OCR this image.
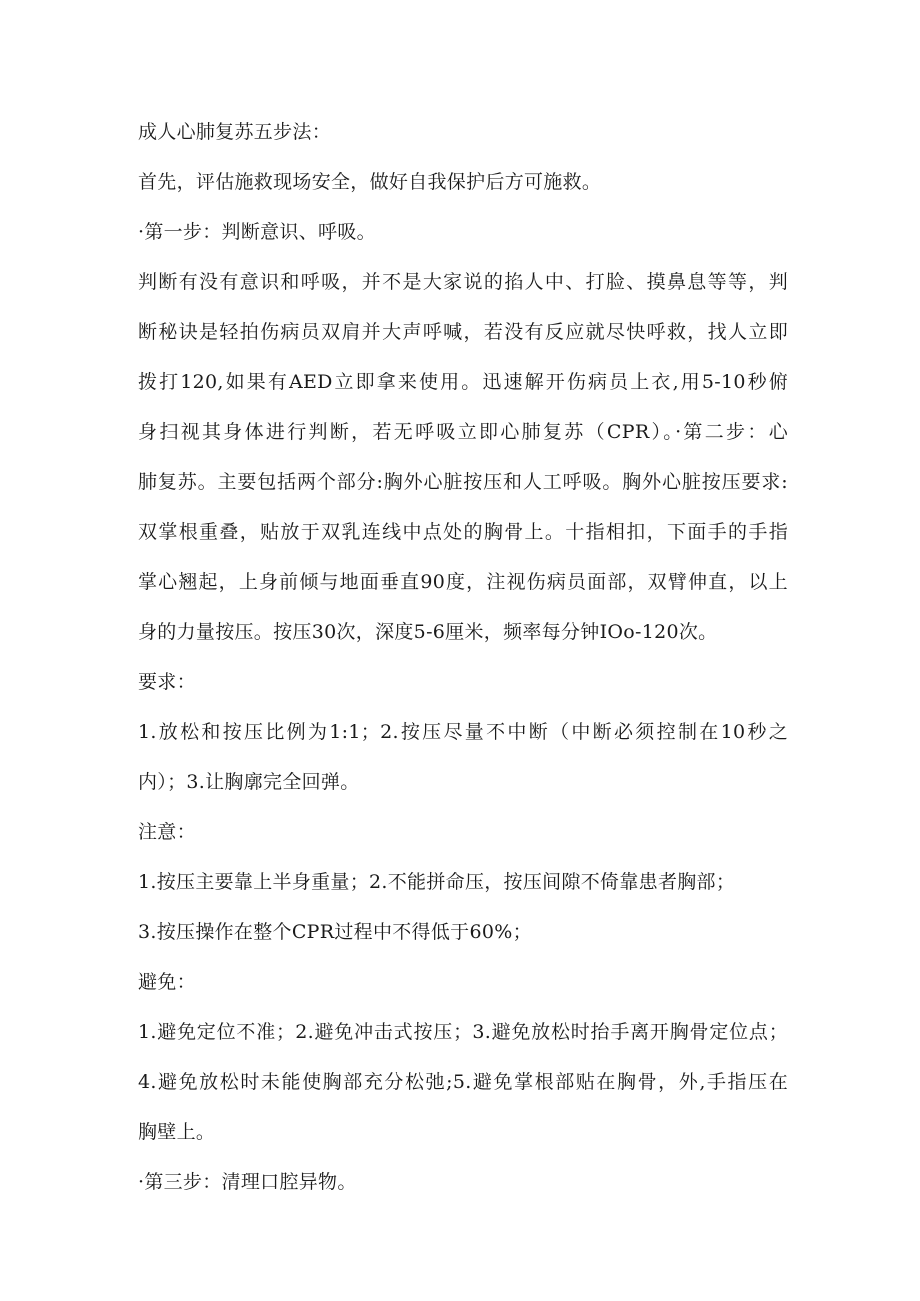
成人心肺复苏五步法：
首先，评估施救现场安全，做好自我保护后方可施救。
·第一步：判断意识、呼吸。
判断有没有意识和呼吸，并不是大家说的掐人中、打脸、摸鼻息等等，判
断秘诀是轻拍伤病员双肩并大声呼喊，若没有反应就尽快呼救，找人立即
拨打120,如果有AED立即拿来使用。迅速解开伤病员上衣,用5-10秒俯
身扫视其身体进行判断，若无呼吸立即心肺复苏（CPR）。·第二步：心
肺复苏。主要包括两个部分:胸外心脏按压和人工呼吸。胸外心脏按压要求:
双掌根重叠，贴放于双乳连线中点处的胸骨上。十指相扣，下面手的手指
掌心翘起，上身前倾与地面垂直90度，注视伤病员面部，双臂伸直，以上
身的力量按压。按压30次，深度5-6厘米，频率每分钟IOo-120次。
要求：
1.放松和按压比例为1:1；2.按压尽量不中断（中断必须控制在10秒之
内）；3.让胸廓完全回弹。
注意：
1.按压主要靠上半身重量；2.不能拼命压，按压间隙不倚靠患者胸部；
3.按压操作在整个CPR过程中不得低于60%；
避免：
1.避免定位不准；2.避免冲击式按压；3.避免放松时抬手离开胸骨定位点；
4.避免放松时未能使胸部充分松弛;5.避免掌根部贴在胸骨，外,手指压在
胸壁上。
·第三步：清理口腔异物。
